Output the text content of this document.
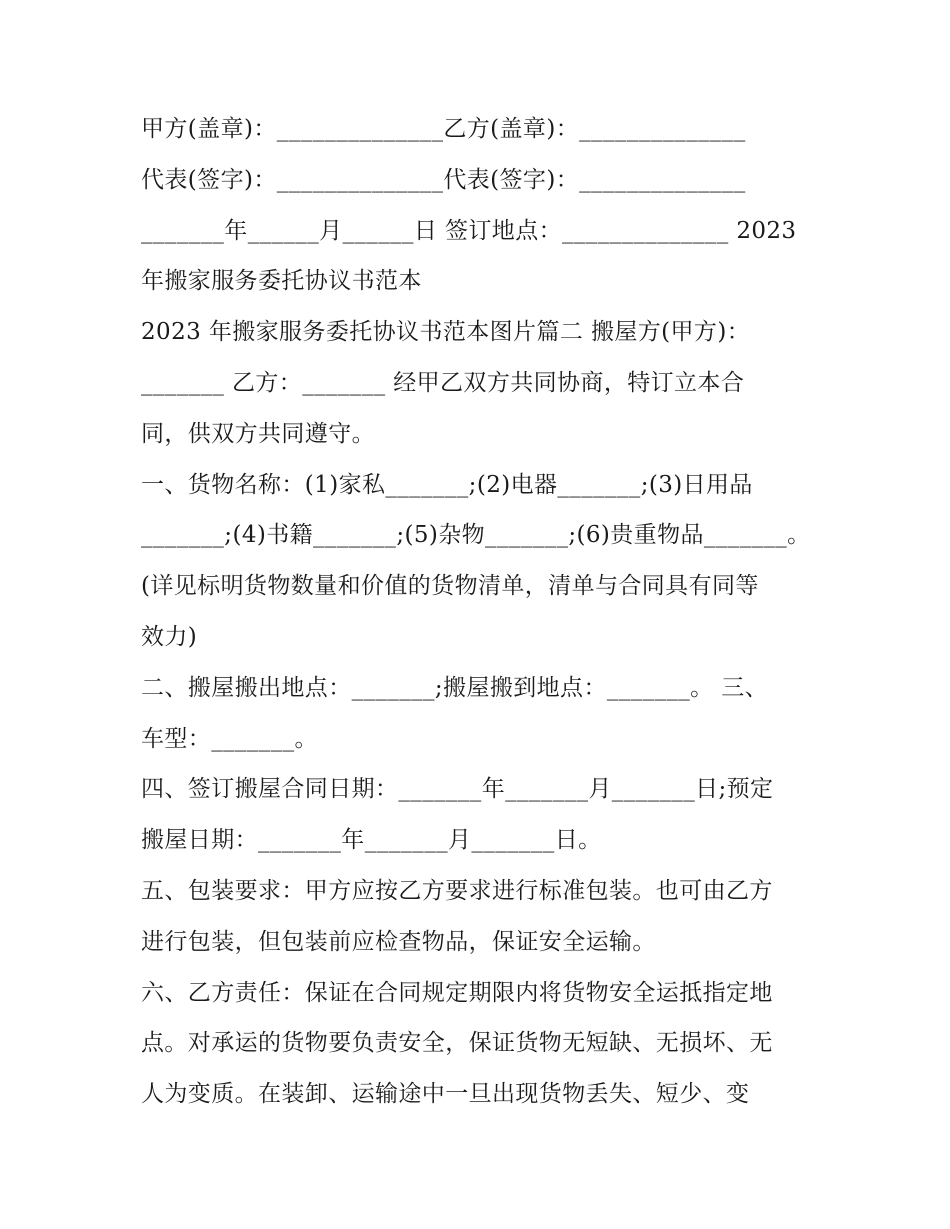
甲方(盖章)：______________乙方(盖章)：______________
代表(签字)：______________代表(签字)：______________
_______年______月______日 签订地点：______________ 2023
年搬家服务委托协议书范本
2023 年搬家服务委托协议书范本图片篇二 搬屋方(甲方)：
_______ 乙方：_______ 经甲乙双方共同协商，特订立本合
同，供双方共同遵守。
一、货物名称：(1)家私_______;(2)电器_______;(3)日用品
_______;(4)书籍_______;(5)杂物_______;(6)贵重物品_______。
(详见标明货物数量和价值的货物清单，清单与合同具有同等
效力)
二、搬屋搬出地点：_______;搬屋搬到地点：_______。 三、
车型：_______。
四、签订搬屋合同日期：_______年_______月_______日;预定
搬屋日期：_______年_______月_______日。
五、包装要求：甲方应按乙方要求进行标准包装。也可由乙方
进行包装，但包装前应检查物品，保证安全运输。
六、乙方责任：保证在合同规定期限内将货物安全运抵指定地
点。对承运的货物要负责安全，保证货物无短缺、无损坏、无
人为变质。在装卸、运输途中一旦出现货物丢失、短少、变
